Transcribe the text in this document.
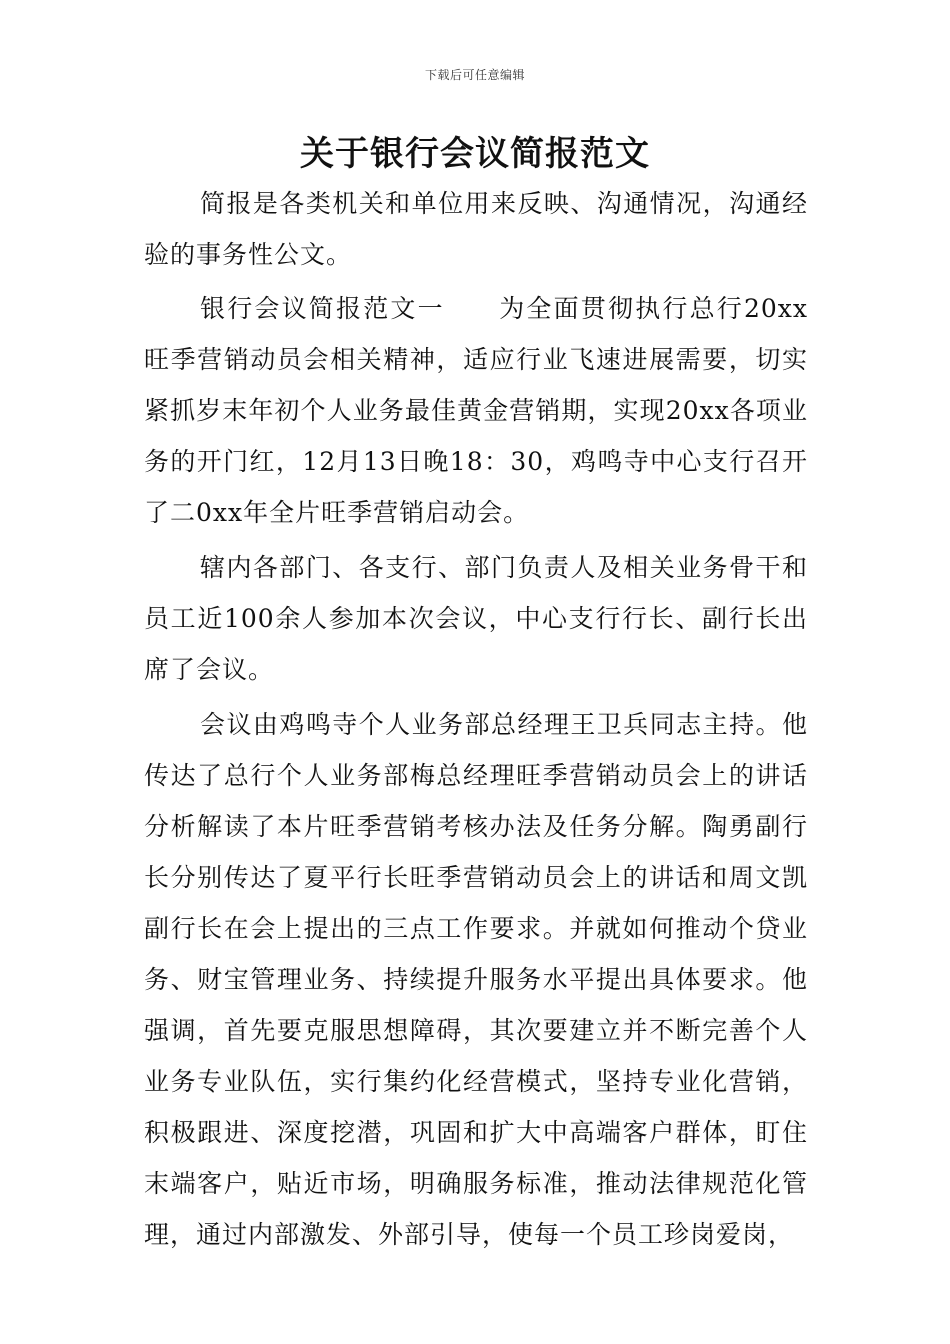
下载后可任意编辑
关于银行会议简报范文

简报是各类机关和单位用来反映、沟通情况，沟通经验的事务性公文。

银行会议简报范文一　　为全面贯彻执行总行20xx旺季营销动员会相关精神，适应行业飞速进展需要，切实紧抓岁末年初个人业务最佳黄金营销期，实现20xx各项业务的开门红，12月13日晚18：30，鸡鸣寺中心支行召开了二0xx年全片旺季营销启动会。

辖内各部门、各支行、部门负责人及相关业务骨干和员工近100余人参加本次会议，中心支行行长、副行长出席了会议。

会议由鸡鸣寺个人业务部总经理王卫兵同志主持。他传达了总行个人业务部梅总经理旺季营销动员会上的讲话分析解读了本片旺季营销考核办法及任务分解。陶勇副行长分别传达了夏平行长旺季营销动员会上的讲话和周文凯副行长在会上提出的三点工作要求。并就如何推动个贷业务、财宝管理业务、持续提升服务水平提出具体要求。他强调，首先要克服思想障碍，其次要建立并不断完善个人业务专业队伍，实行集约化经营模式，坚持专业化营销，积极跟进、深度挖潜，巩固和扩大中高端客户群体，盯住末端客户，贴近市场，明确服务标准，推动法律规范化管理，通过内部激发、外部引导，使每一个员工珍岗爱岗，
